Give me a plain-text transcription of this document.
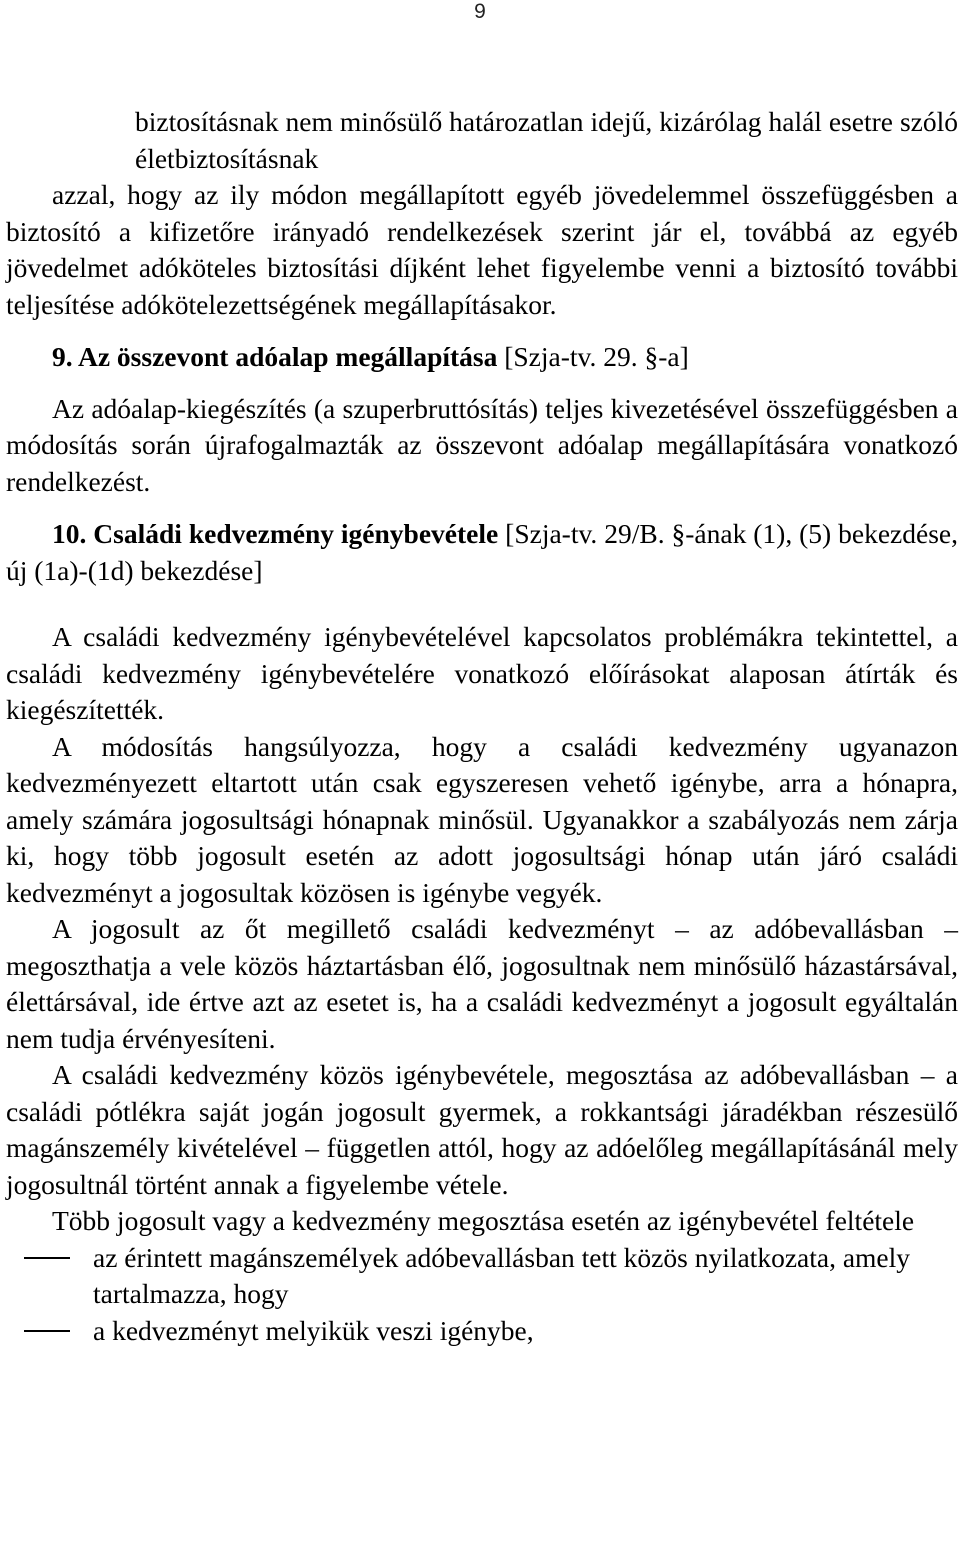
9

biztosításnak nem minősülő határozatlan idejű, kizárólag halál esetre szóló életbiztosításnak

azzal, hogy az ily módon megállapított egyéb jövedelemmel összefüggésben a biztosító a kifizetőre irányadó rendelkezések szerint jár el, továbbá az egyéb jövedelmet adóköteles biztosítási díjként lehet figyelembe venni a biztosító további teljesítése adókötelezettségének megállapításakor.

9. Az összevont adóalap megállapítása [Szja-tv. 29. §-a]

Az adóalap-kiegészítés (a szuperbruttósítás) teljes kivezetésével összefüggésben a módosítás során újrafogalmazták az összevont adóalap megállapítására vonatkozó rendelkezést.

10. Családi kedvezmény igénybevétele [Szja-tv. 29/B. §-ának (1), (5) bekezdése, új (1a)-(1d) bekezdése]

A családi kedvezmény igénybevételével kapcsolatos problémákra tekintettel, a családi kedvezmény igénybevételére vonatkozó előírásokat alaposan átírták és kiegészítették.

A módosítás hangsúlyozza, hogy a családi kedvezmény ugyanazon kedvezményezett eltartott után csak egyszeresen vehető igénybe, arra a hónapra, amely számára jogosultsági hónapnak minősül. Ugyanakkor a szabályozás nem zárja ki, hogy több jogosult esetén az adott jogosultsági hónap után járó családi kedvezményt a jogosultak közösen is igénybe vegyék.

A jogosult az őt megillető családi kedvezményt – az adóbevallásban – megoszthatja a vele közös háztartásban élő, jogosultnak nem minősülő házastársával, élettársával, ide értve azt az esetet is, ha a családi kedvezményt a jogosult egyáltalán nem tudja érvényesíteni.

A családi kedvezmény közös igénybevétele, megosztása az adóbevallásban – a családi pótlékra saját jogán jogosult gyermek, a rokkantsági járadékban részesülő magánszemély kivételével – független attól, hogy az adóelőleg megállapításánál mely jogosultnál történt annak a figyelembe vétele.

Több jogosult vagy a kedvezmény megosztása esetén az igénybevétel feltétele

az érintett magánszemélyek adóbevallásban tett közös nyilatkozata, amely tartalmazza, hogy
a kedvezményt melyikük veszi igénybe,
